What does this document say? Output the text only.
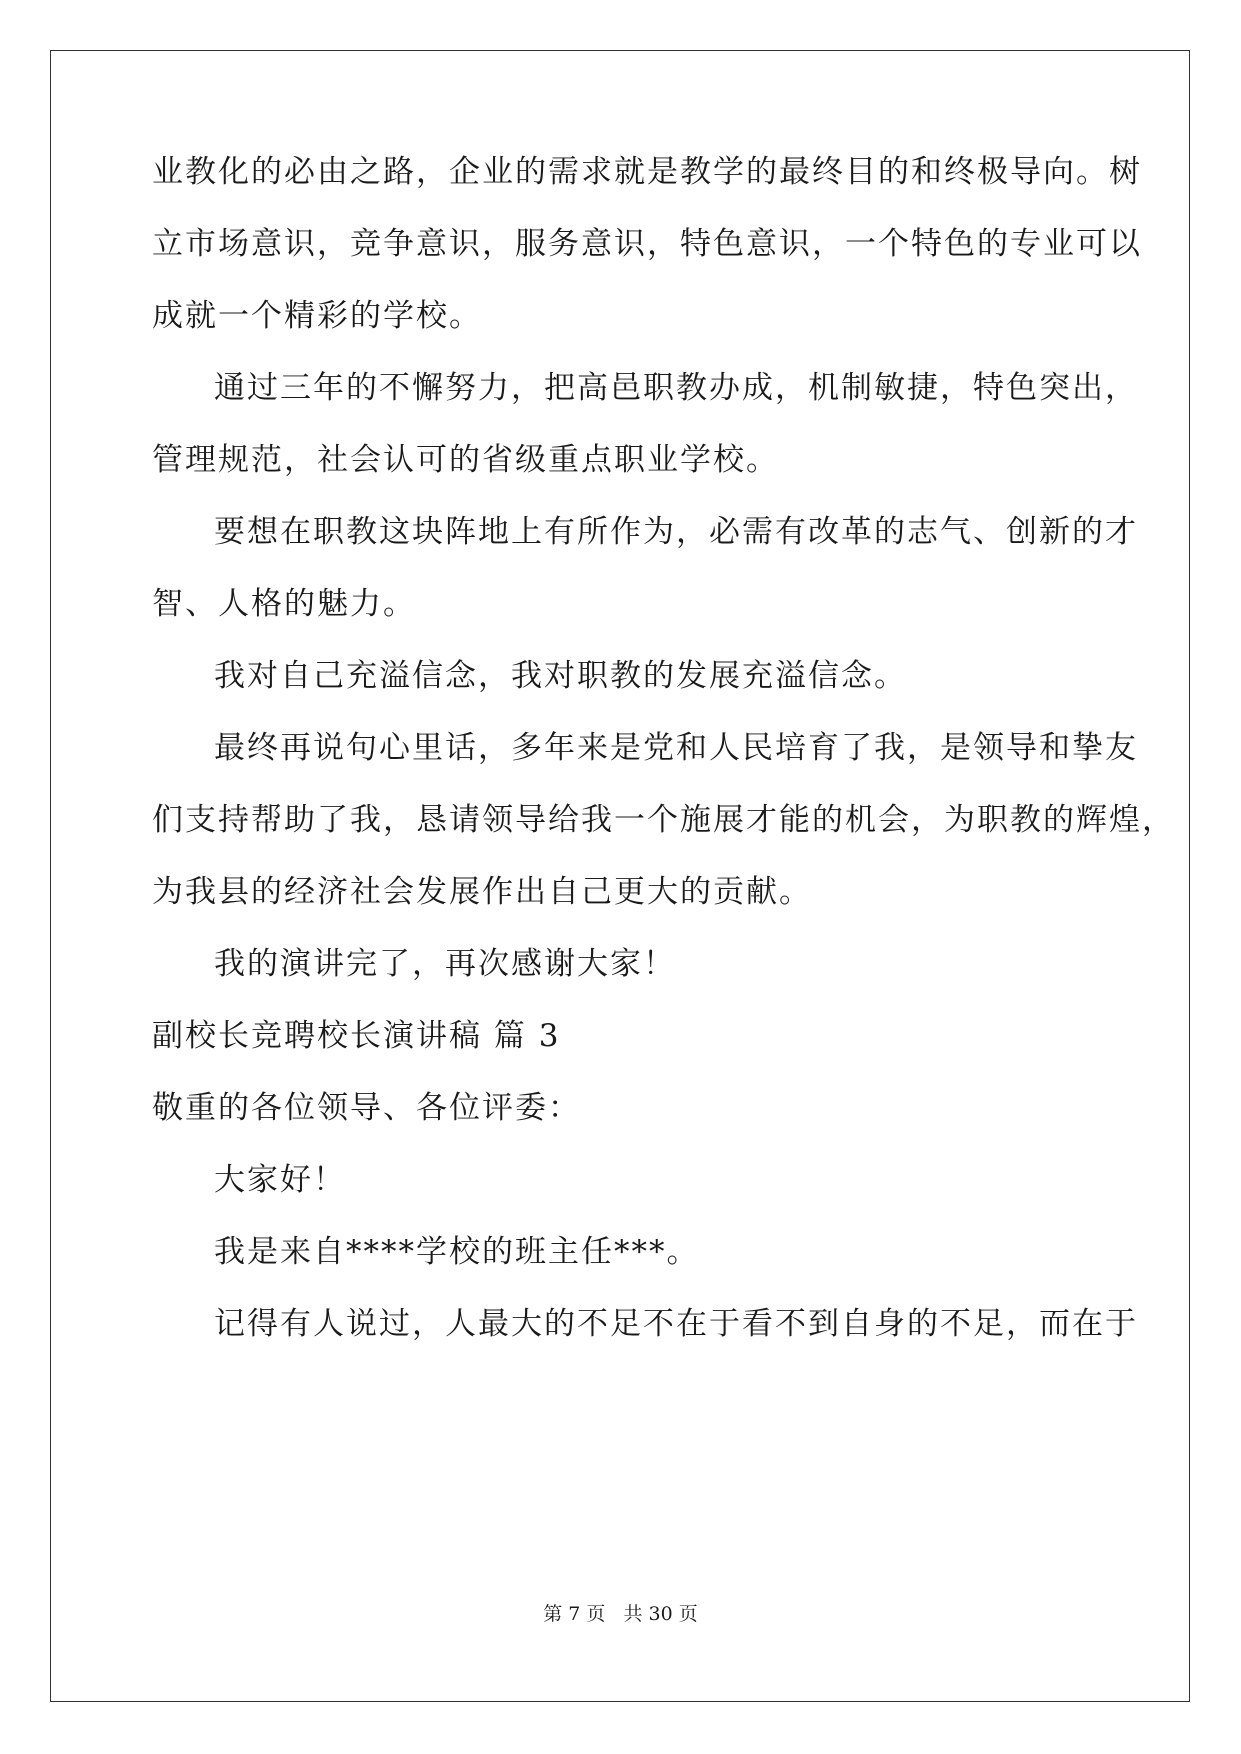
业教化的必由之路，企业的需求就是教学的最终目的和终极导向。树
立市场意识，竞争意识，服务意识，特色意识，一个特色的专业可以
成就一个精彩的学校。
通过三年的不懈努力，把高邑职教办成，机制敏捷，特色突出，
管理规范，社会认可的省级重点职业学校。
要想在职教这块阵地上有所作为，必需有改革的志气、创新的才
智、人格的魅力。
我对自己充溢信念，我对职教的发展充溢信念。
最终再说句心里话，多年来是党和人民培育了我，是领导和挚友
们支持帮助了我，恳请领导给我一个施展才能的机会，为职教的辉煌，
为我县的经济社会发展作出自己更大的贡献。
我的演讲完了，再次感谢大家！
副校长竞聘校长演讲稿 篇 3
敬重的各位领导、各位评委：
大家好！
我是来自****学校的班主任***。
记得有人说过，人最大的不足不在于看不到自身的不足，而在于
第 7 页 共 30 页
